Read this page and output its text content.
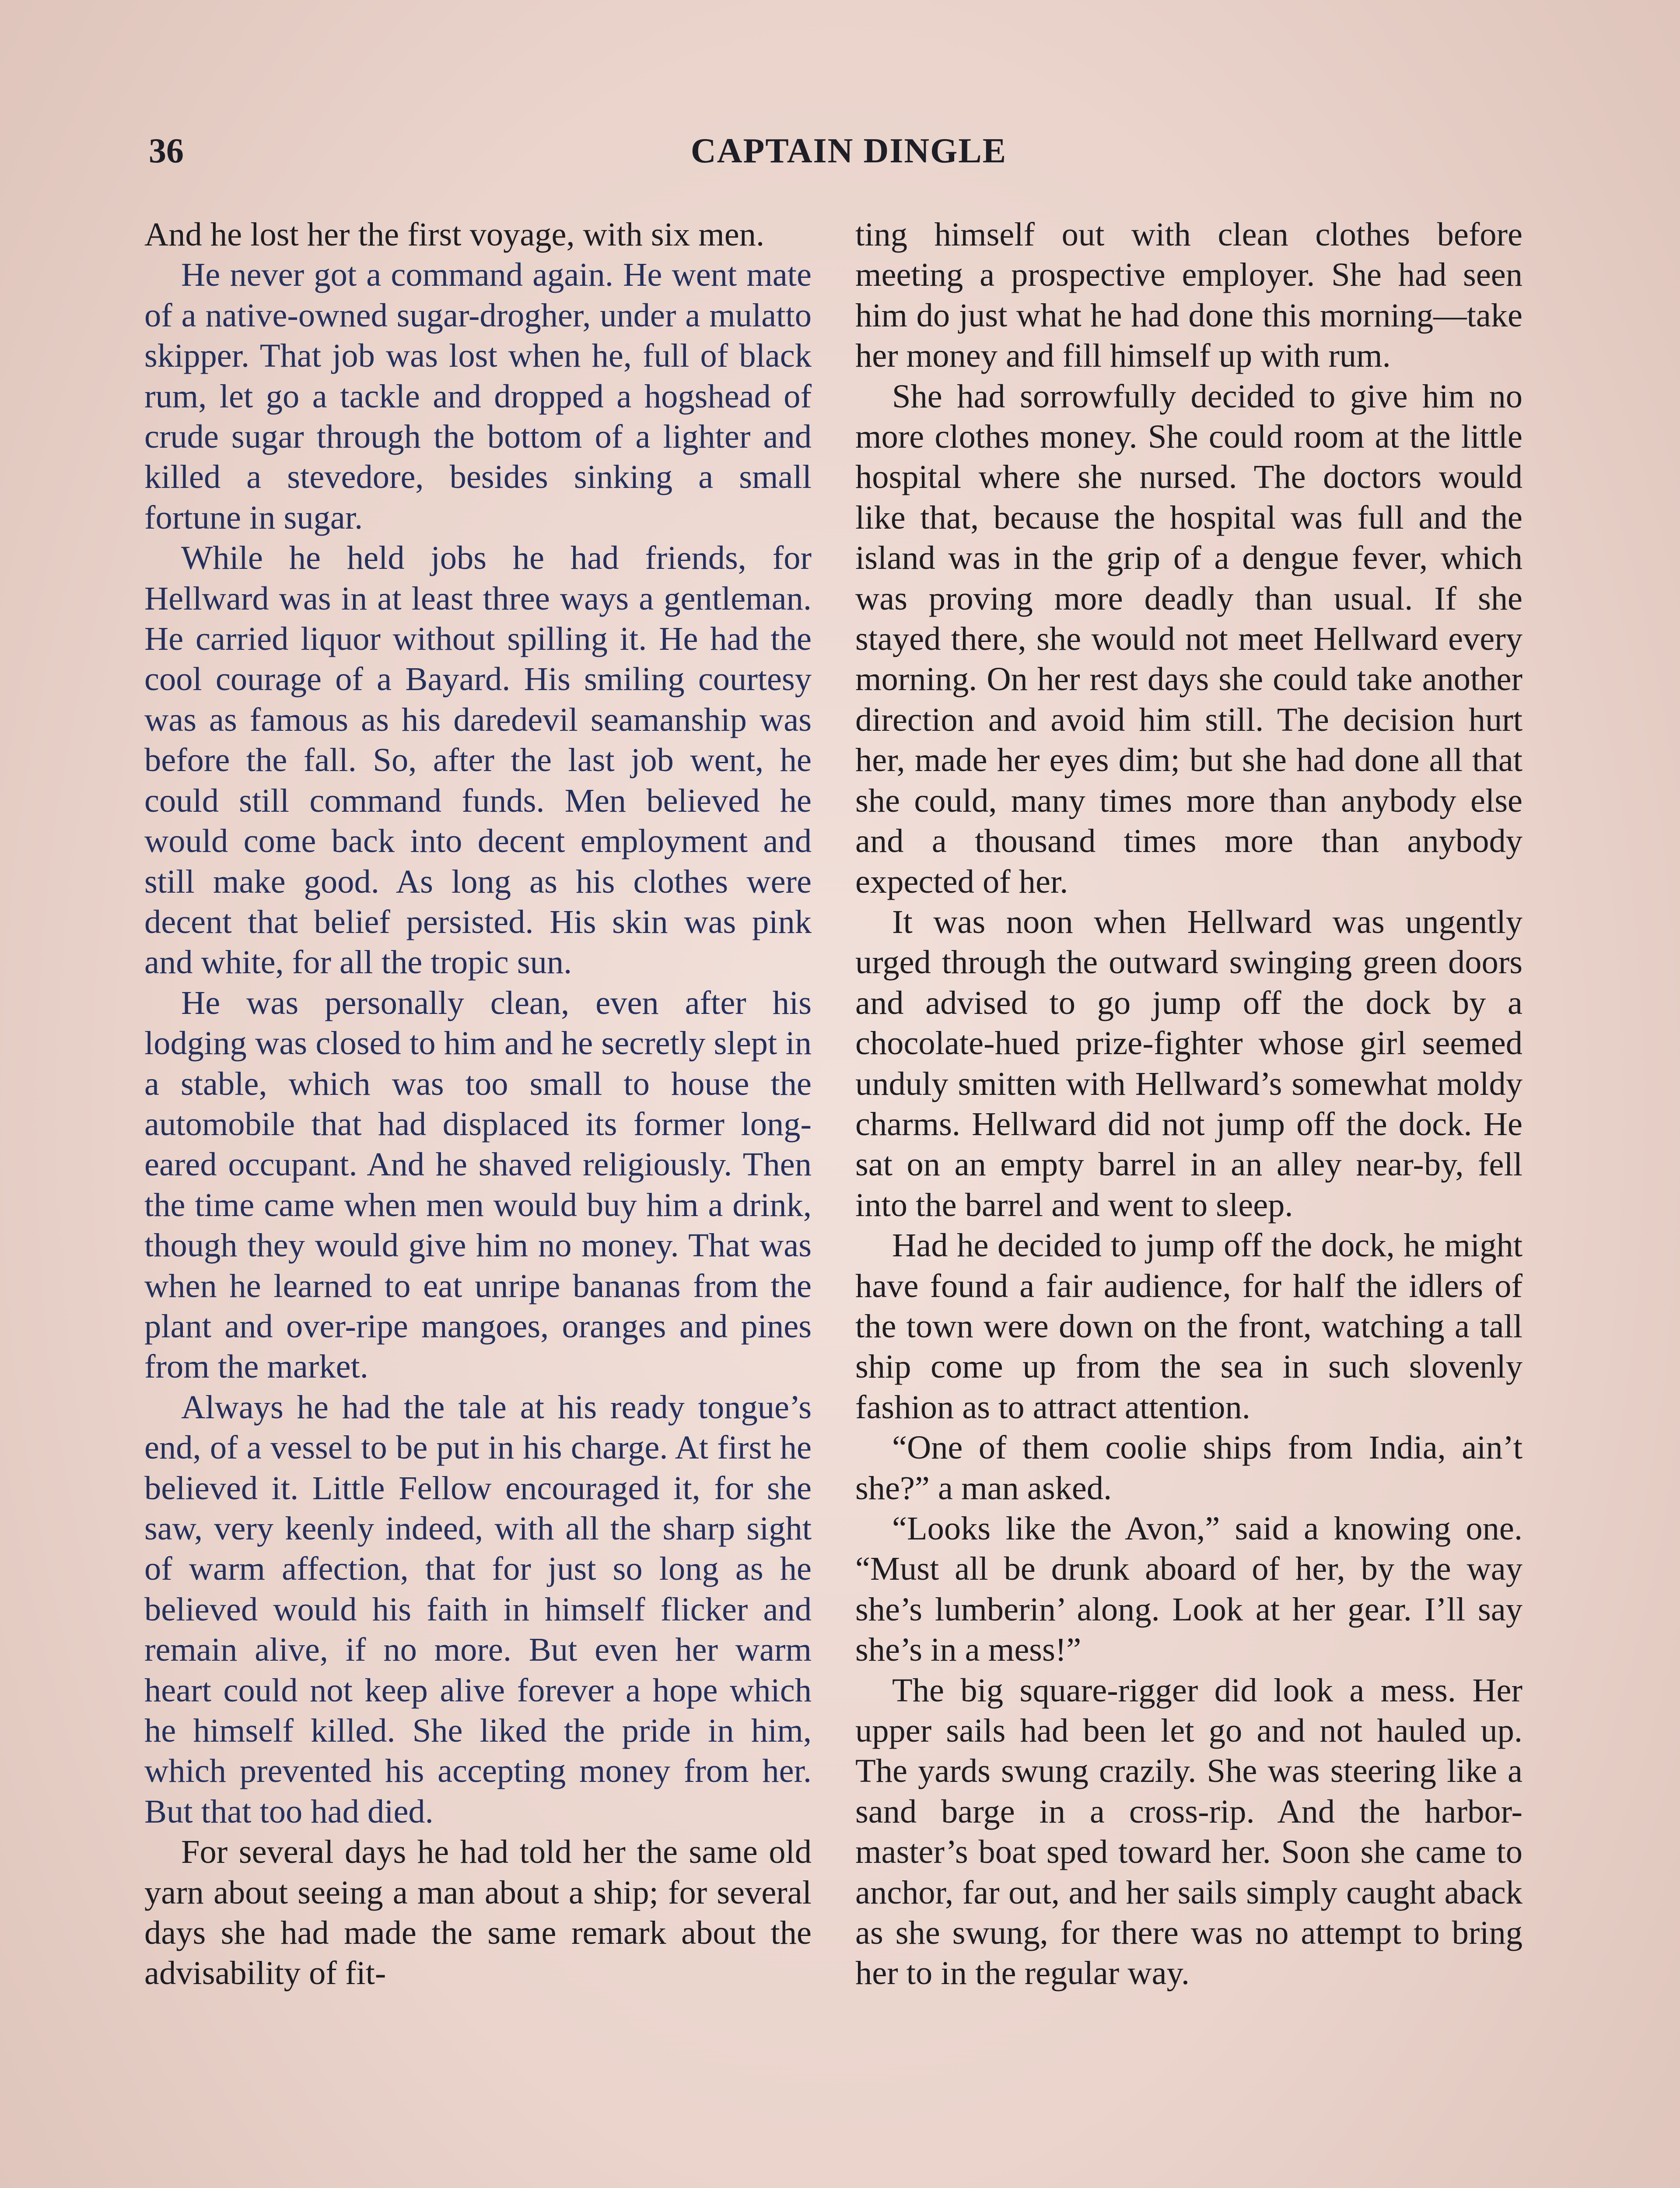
36	CAPTAIN DINGLE

And he lost her the first voyage, with six men.

He never got a command again. He went mate of a native-owned sugar-drogher, under a mulatto skipper. That job was lost when he, full of black rum, let go a tackle and dropped a hogshead of crude sugar through the bottom of a lighter and killed a stevedore, besides sinking a small fortune in sugar.

While he held jobs he had friends, for Hellward was in at least three ways a gentleman. He carried liquor without spilling it. He had the cool courage of a Bayard. His smiling courtesy was as famous as his daredevil seamanship was before the fall. So, after the last job went, he could still command funds. Men believed he would come back into decent employment and still make good. As long as his clothes were decent that belief persisted. His skin was pink and white, for all the tropic sun.

He was personally clean, even after his lodging was closed to him and he secretly slept in a stable, which was too small to house the automobile that had displaced its former long-eared occupant. And he shaved religiously. Then the time came when men would buy him a drink, though they would give him no money. That was when he learned to eat unripe bananas from the plant and over-ripe mangoes, oranges and pines from the market.

Always he had the tale at his ready tongue’s end, of a vessel to be put in his charge. At first he believed it. Little Fellow encouraged it, for she saw, very keenly indeed, with all the sharp sight of warm affection, that for just so long as he believed would his faith in himself flicker and remain alive, if no more. But even her warm heart could not keep alive forever a hope which he himself killed. She liked the pride in him, which prevented his accepting money from her. But that too had died.

For several days he had told her the same old yarn about seeing a man about a ship; for several days she had made the same remark about the advisability of fit-

ting himself out with clean clothes before meeting a prospective employer. She had seen him do just what he had done this morning—take her money and fill himself up with rum.

She had sorrowfully decided to give him no more clothes money. She could room at the little hospital where she nursed. The doctors would like that, because the hospital was full and the island was in the grip of a dengue fever, which was proving more deadly than usual. If she stayed there, she would not meet Hellward every morning. On her rest days she could take another direction and avoid him still. The decision hurt her, made her eyes dim; but she had done all that she could, many times more than anybody else and a thousand times more than anybody expected of her.

It was noon when Hellward was ungently urged through the outward swinging green doors and advised to go jump off the dock by a chocolate-hued prize-fighter whose girl seemed unduly smitten with Hellward’s somewhat moldy charms. Hellward did not jump off the dock. He sat on an empty barrel in an alley near-by, fell into the barrel and went to sleep.

Had he decided to jump off the dock, he might have found a fair audience, for half the idlers of the town were down on the front, watching a tall ship come up from the sea in such slovenly fashion as to attract attention.

“One of them coolie ships from India, ain’t she?” a man asked.

“Looks like the Avon,” said a knowing one. “Must all be drunk aboard of her, by the way she’s lumberin’ along. Look at her gear. I’ll say she’s in a mess!”

The big square-rigger did look a mess. Her upper sails had been let go and not hauled up. The yards swung crazily. She was steering like a sand barge in a cross-rip. And the harbor-master’s boat sped toward her. Soon she came to anchor, far out, and her sails simply caught aback as she swung, for there was no attempt to bring her to in the regular way.
